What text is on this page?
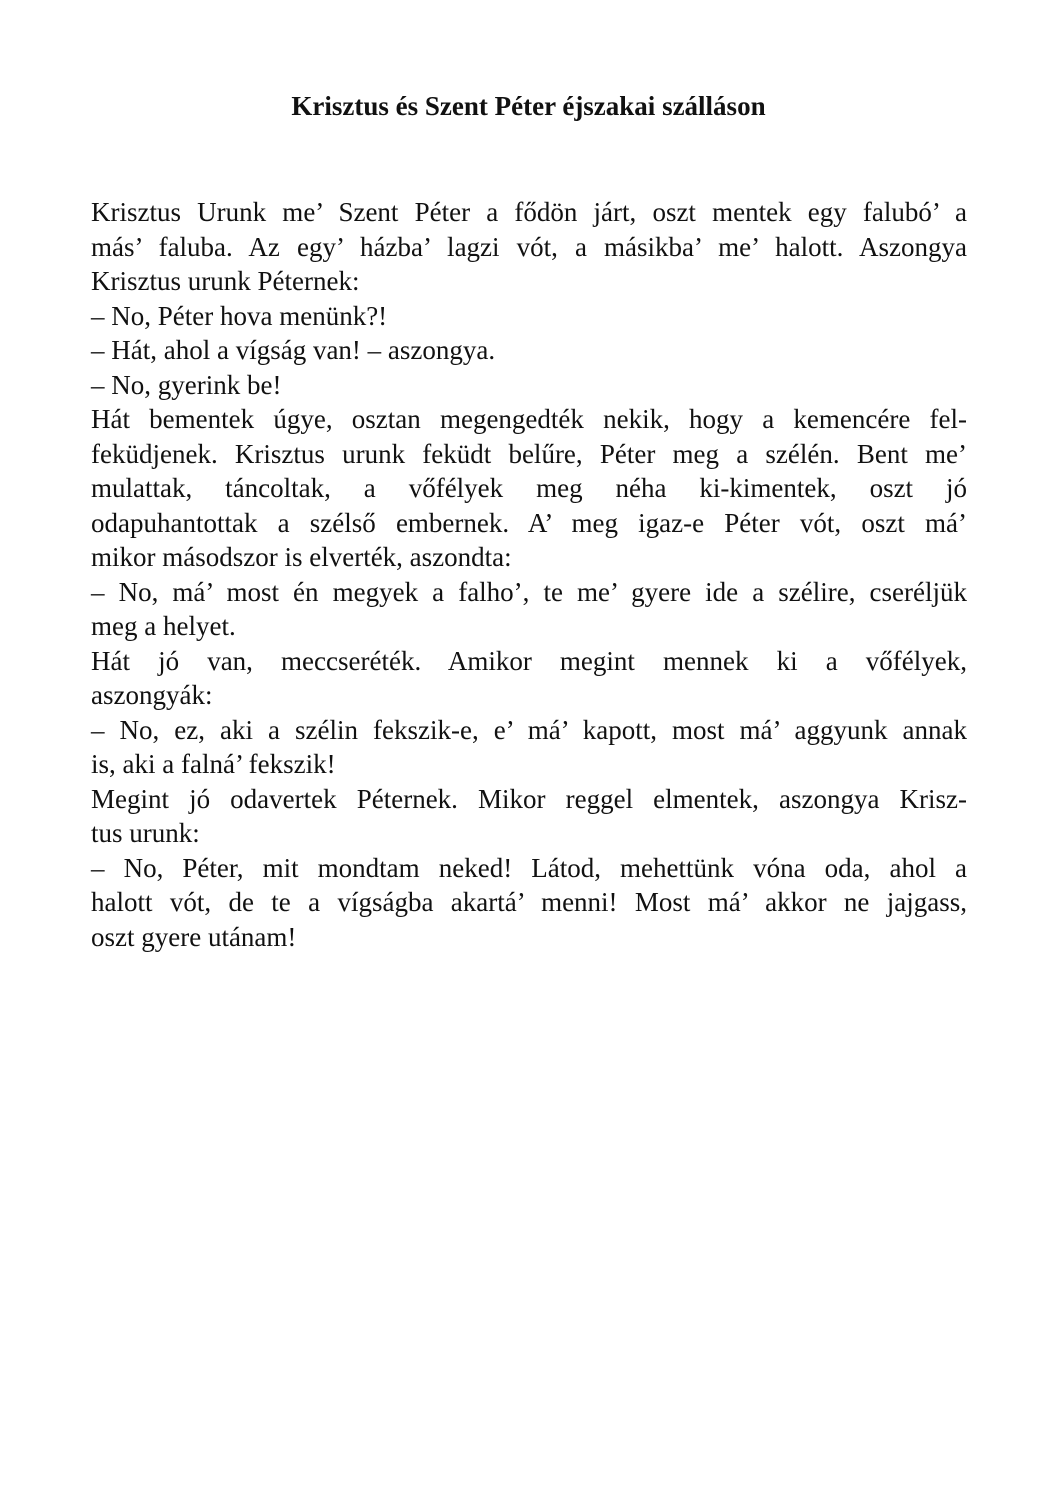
Krisztus és Szent Péter éjszakai szálláson
Krisztus Urunk me’ Szent Péter a fődön járt, oszt mentek egy falubó’ a
más’ faluba. Az egy’ házba’ lagzi vót, a másikba’ me’ halott. Aszongya
Krisztus urunk Péternek:
– No, Péter hova menünk?!
– Hát, ahol a vígság van! – aszongya.
– No, gyerink be!
Hát bementek úgye, osztan megengedték nekik, hogy a kemencére fel-
feküdjenek. Krisztus urunk feküdt belűre, Péter meg a szélén. Bent me’
mulattak, táncoltak, a vőfélyek meg néha ki-kimentek, oszt jó
odapuhantottak a szélső embernek. A’ meg igaz-e Péter vót, oszt má’
mikor másodszor is elverték, aszondta:
– No, má’ most én megyek a falho’, te me’ gyere ide a szélire, cseréljük
meg a helyet.
Hát jó van, meccseréték. Amikor megint mennek ki a vőfélyek,
aszongyák:
– No, ez, aki a szélin fekszik-e, e’ má’ kapott, most má’ aggyunk annak
is, aki a falná’ fekszik!
Megint jó odavertek Péternek. Mikor reggel elmentek, aszongya Krisz-
tus urunk:
– No, Péter, mit mondtam neked! Látod, mehettünk vóna oda, ahol a
halott vót, de te a vígságba akartá’ menni! Most má’ akkor ne jajgass,
oszt gyere utánam!
